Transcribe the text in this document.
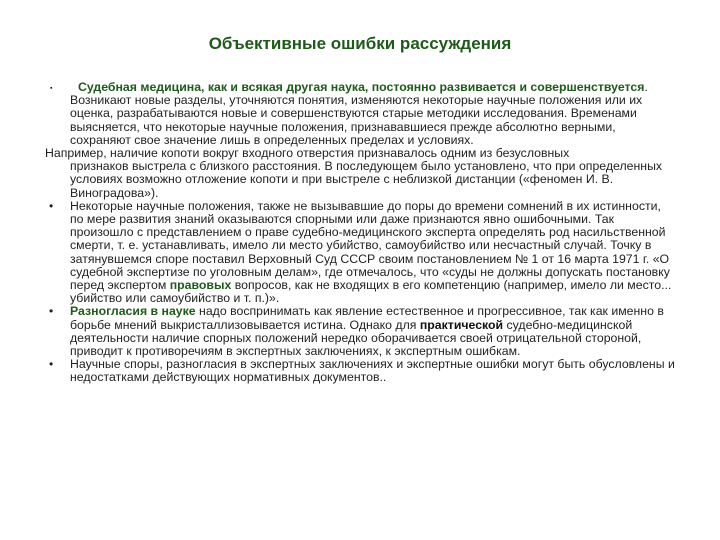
Объективные ошибки рассуждения
▪ Судебная медицина, как и всякая другая наука, постоянно развивается и совершенствуется. Возникают новые разделы, уточняются понятия, изменяются некоторые научные положения или их оценка, разрабатываются новые и совершенствуются старые методики исследования. Временами выясняется, что некоторые научные положения, признававшиеся прежде абсолютно верными, сохраняют свое значение лишь в определенных пределах и условиях.
Например, наличие копоти вокруг входного отверстия признавалось одним из безусловных
признаков выстрела с близкого расстояния. В последующем было установлено, что при определенных условиях возможно отложение копоти и при выстреле с неблизкой дистанции («феномен И. В. Виноградова»).
• Некоторые научные положения, также не вызывавшие до поры до времени сомнений в их истинности, по мере развития знаний оказываются спорными или даже признаются явно ошибочными. Так произошло с представлением о праве судебно-медицинского эксперта определять род насильственной смерти, т. е. устанавливать, имело ли место убийство, самоубийство или несчастный случай. Точку в затянувшемся споре поставил Верховный Суд СССР своим постановлением № 1 от 16 марта 1971 г. «О судебной экспертизе по уголовным делам», где отмечалось, что «суды не должны допускать постановку перед экспертом правовых вопросов, как не входящих в его компетенцию (например, имело ли место... убийство или самоубийство и т. п.)».
• Разногласия в науке надо воспринимать как явление естественное и прогрессивное, так как именно в борьбе мнений выкристаллизовывается истина. Однако для практической судебно-медицинской деятельности наличие спорных положений нередко оборачивается своей отрицательной стороной, приводит к противоречиям в экспертных заключениях, к экспертным ошибкам.
• Научные споры, разногласия в экспертных заключениях и экспертные ошибки могут быть обусловлены и недостатками действующих нормативных документов..
